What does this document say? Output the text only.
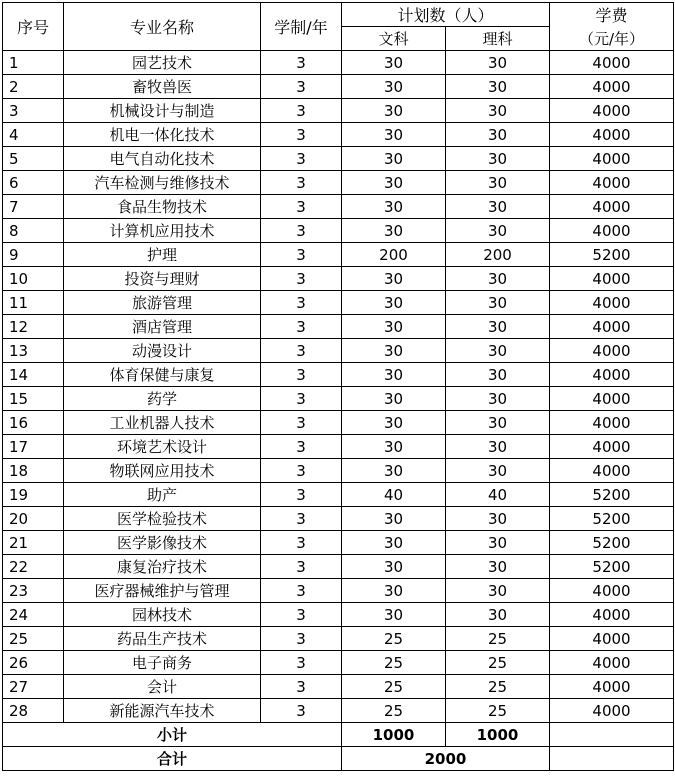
序号	专业名称	学制/年	计划数（人）		学费
			文科	理科	（元/年）
1	园艺技术	3	30	30	4000
2	畜牧兽医	3	30	30	4000
3	机械设计与制造	3	30	30	4000
4	机电一体化技术	3	30	30	4000
5	电气自动化技术	3	30	30	4000
6	汽车检测与维修技术	3	30	30	4000
7	食品生物技术	3	30	30	4000
8	计算机应用技术	3	30	30	4000
9	护理	3	200	200	5200
10	投资与理财	3	30	30	4000
11	旅游管理	3	30	30	4000
12	酒店管理	3	30	30	4000
13	动漫设计	3	30	30	4000
14	体育保健与康复	3	30	30	4000
15	药学	3	30	30	4000
16	工业机器人技术	3	30	30	4000
17	环境艺术设计	3	30	30	4000
18	物联网应用技术	3	30	30	4000
19	助产	3	40	40	5200
20	医学检验技术	3	30	30	5200
21	医学影像技术	3	30	30	5200
22	康复治疗技术	3	30	30	5200
23	医疗器械维护与管理	3	30	30	4000
24	园林技术	3	30	30	4000
25	药品生产技术	3	25	25	4000
26	电子商务	3	25	25	4000
27	会计	3	25	25	4000
28	新能源汽车技术	3	25	25	4000
小计			1000	1000	
合计			2000		
